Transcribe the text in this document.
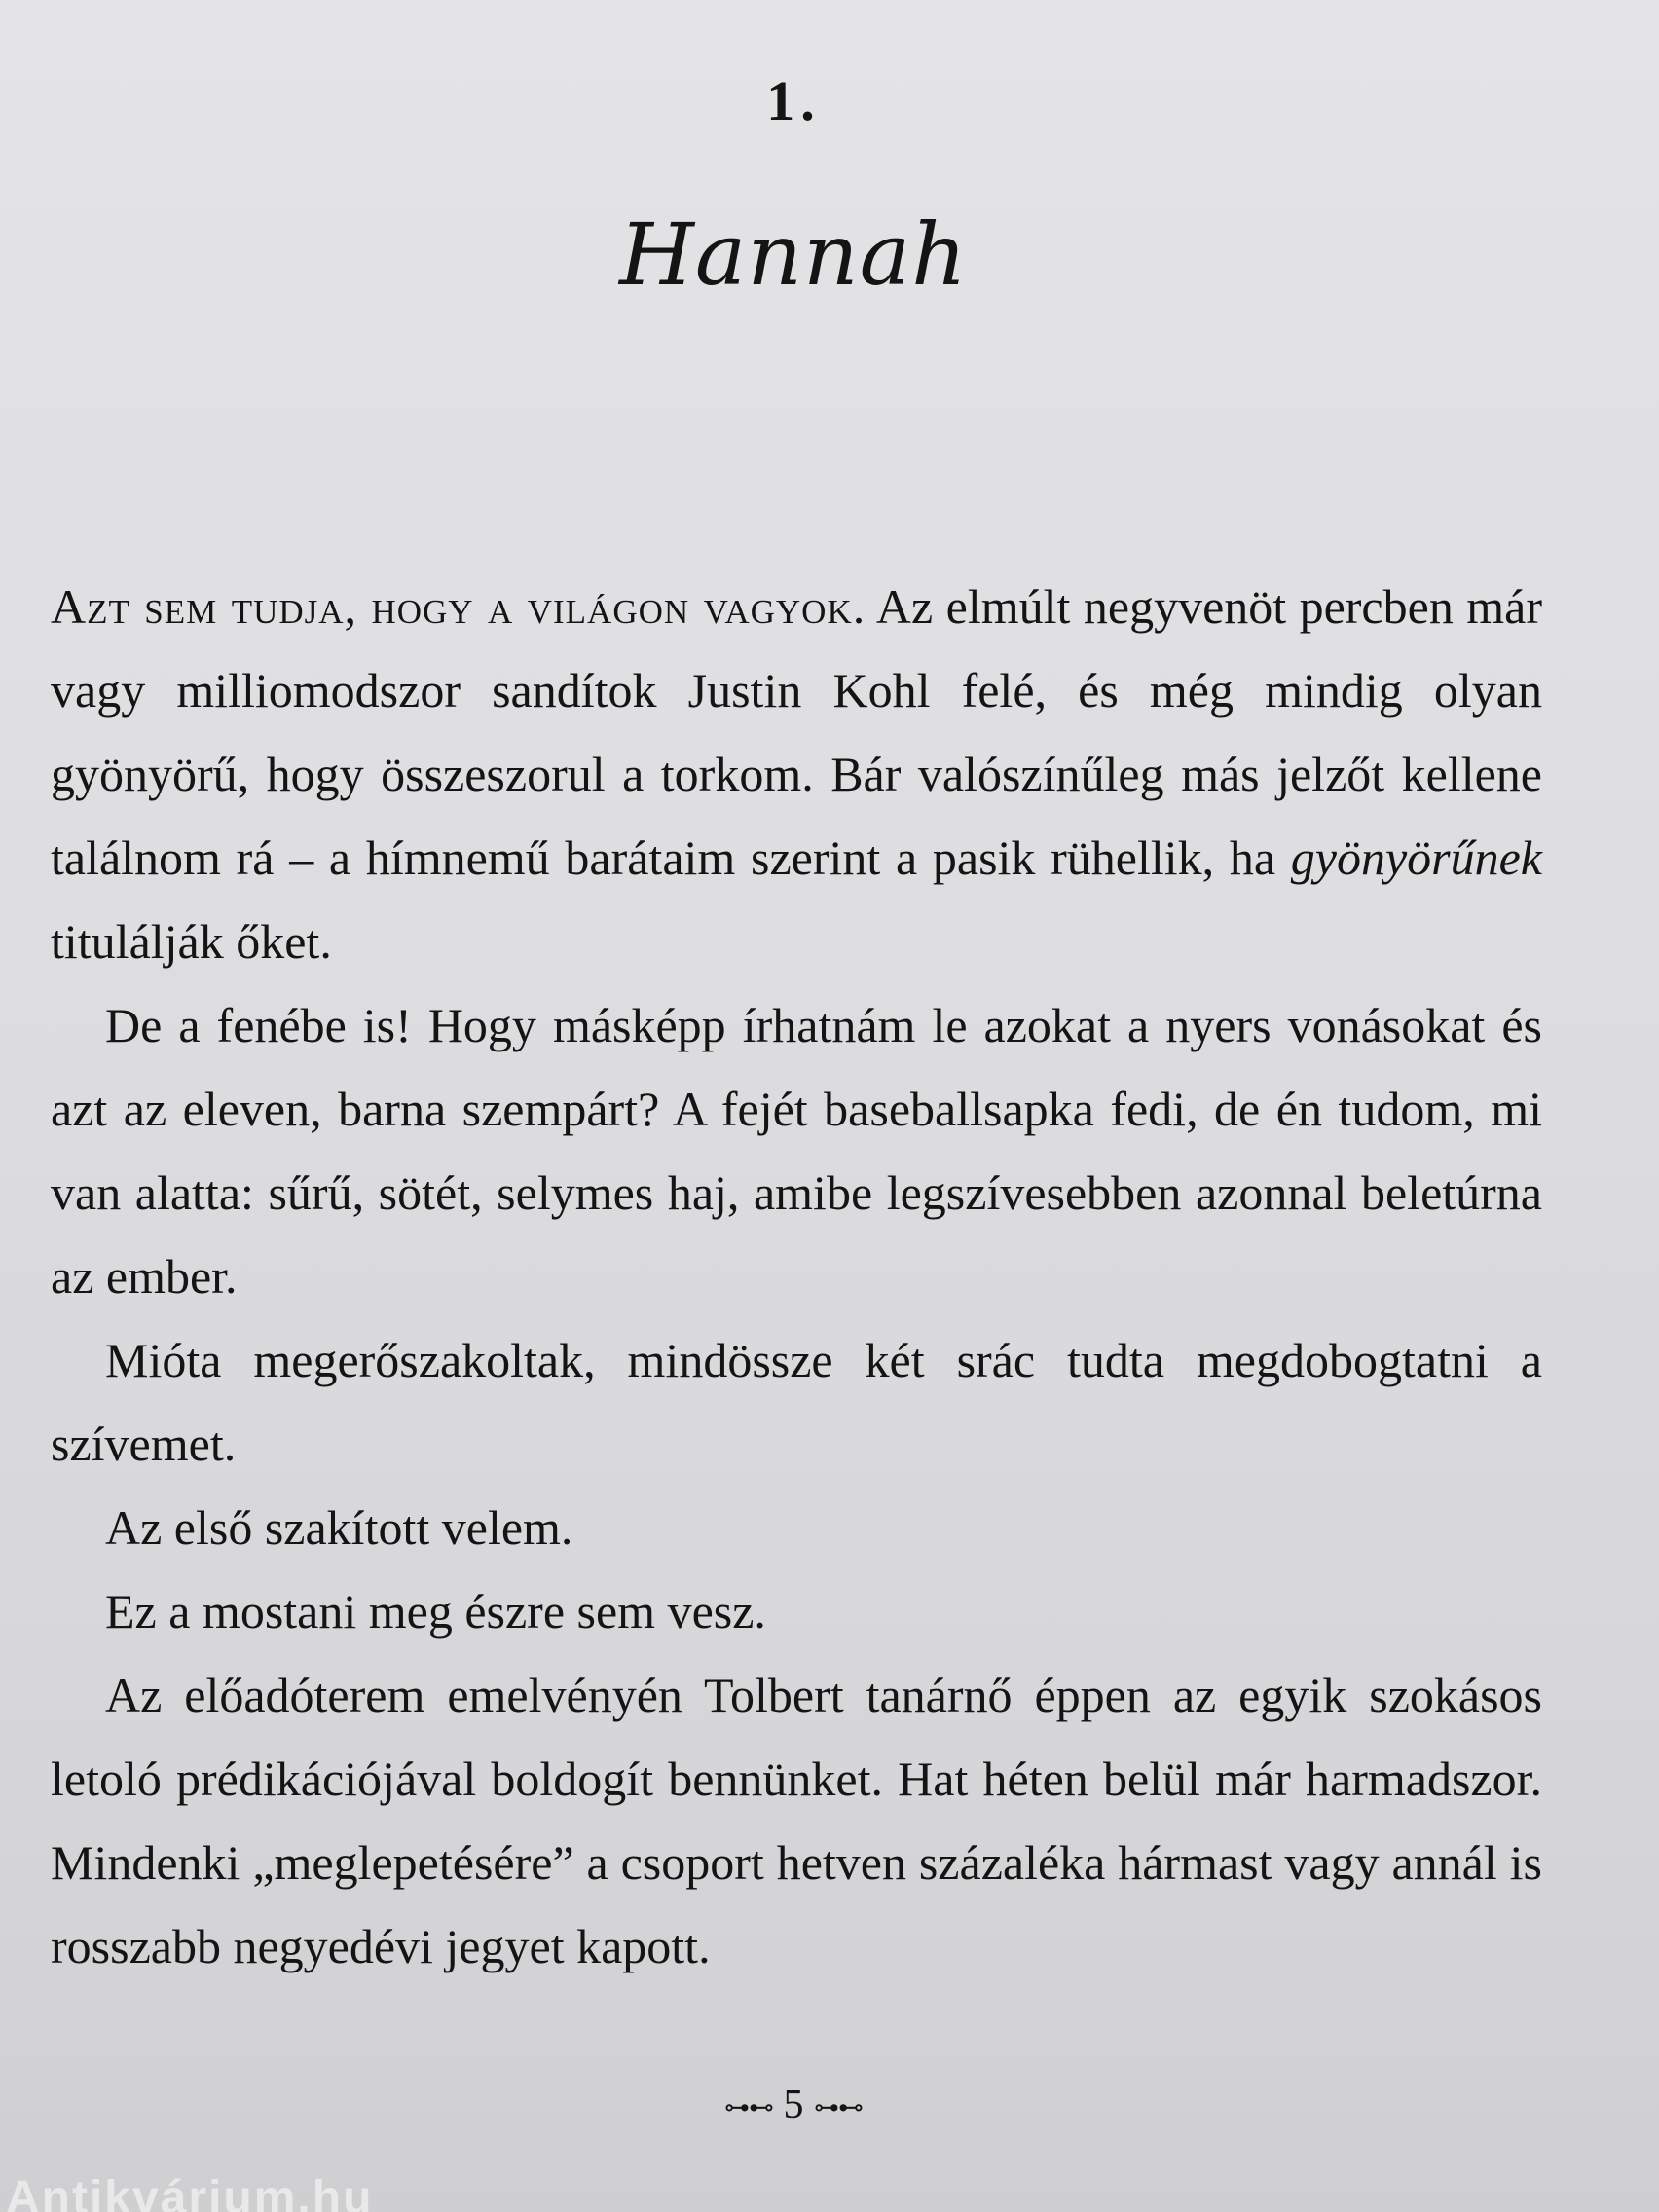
1.
Hannah

Azt sem tudja, hogy a világon vagyok. Az elmúlt negyvenöt percben már vagy milliomodszor sandítok Justin Kohl felé, és még mindig olyan gyönyörű, hogy összeszorul a torkom. Bár valószínűleg más jelzőt kellene találnom rá – a hímnemű barátaim szerint a pasik rühellik, ha gyönyörűnek titulálják őket.

De a fenébe is! Hogy másképp írhatnám le azokat a nyers vonásokat és azt az eleven, barna szempárt? A fejét baseballsapka fedi, de én tudom, mi van alatta: sűrű, sötét, selymes haj, amibe legszívesebben azonnal beletúrna az ember.

Mióta megerőszakoltak, mindössze két srác tudta megdobogtatni a szívemet.

Az első szakított velem.

Ez a mostani meg észre sem vesz.

Az előadóterem emelvényén Tolbert tanárnő éppen az egyik szokásos letoló prédikációjával boldogít bennünket. Hat héten belül már harmadszor. Mindenki „meglepetésére” a csoport hetven százaléka hármast vagy annál is rosszabb negyedévi jegyet kapott.

⊶⊷ 5 ⊶⊷
Antikvárium.hu
